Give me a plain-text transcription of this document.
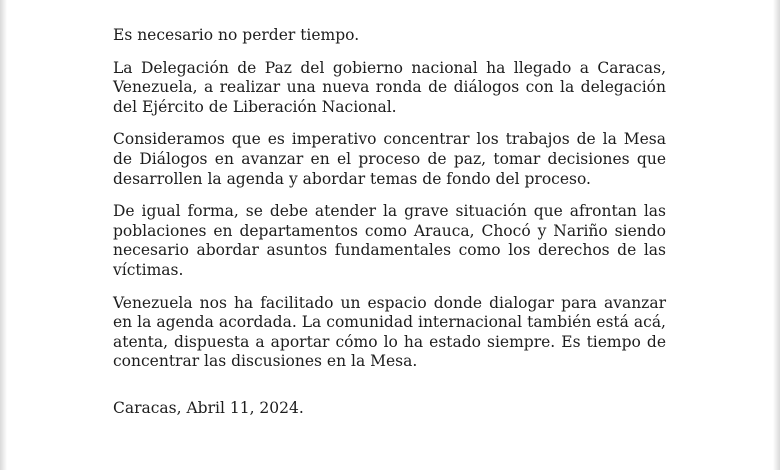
Es necesario no perder tiempo.

La Delegación de Paz del gobierno nacional ha llegado a Caracas, Venezuela, a realizar una nueva ronda de diálogos con la delegación del Ejército de Liberación Nacional.

Consideramos que es imperativo concentrar los trabajos de la Mesa de Diálogos en avanzar en el proceso de paz, tomar decisiones que desarrollen la agenda y abordar temas de fondo del proceso.

De igual forma, se debe atender la grave situación que afrontan las poblaciones en departamentos como Arauca, Chocó y Nariño siendo necesario abordar asuntos fundamentales como los derechos de las víctimas.

Venezuela nos ha facilitado un espacio donde dialogar para avanzar en la agenda acordada. La comunidad internacional también está acá, atenta, dispuesta a aportar cómo lo ha estado siempre. Es tiempo de concentrar las discusiones en la Mesa.

Caracas, Abril 11, 2024.
